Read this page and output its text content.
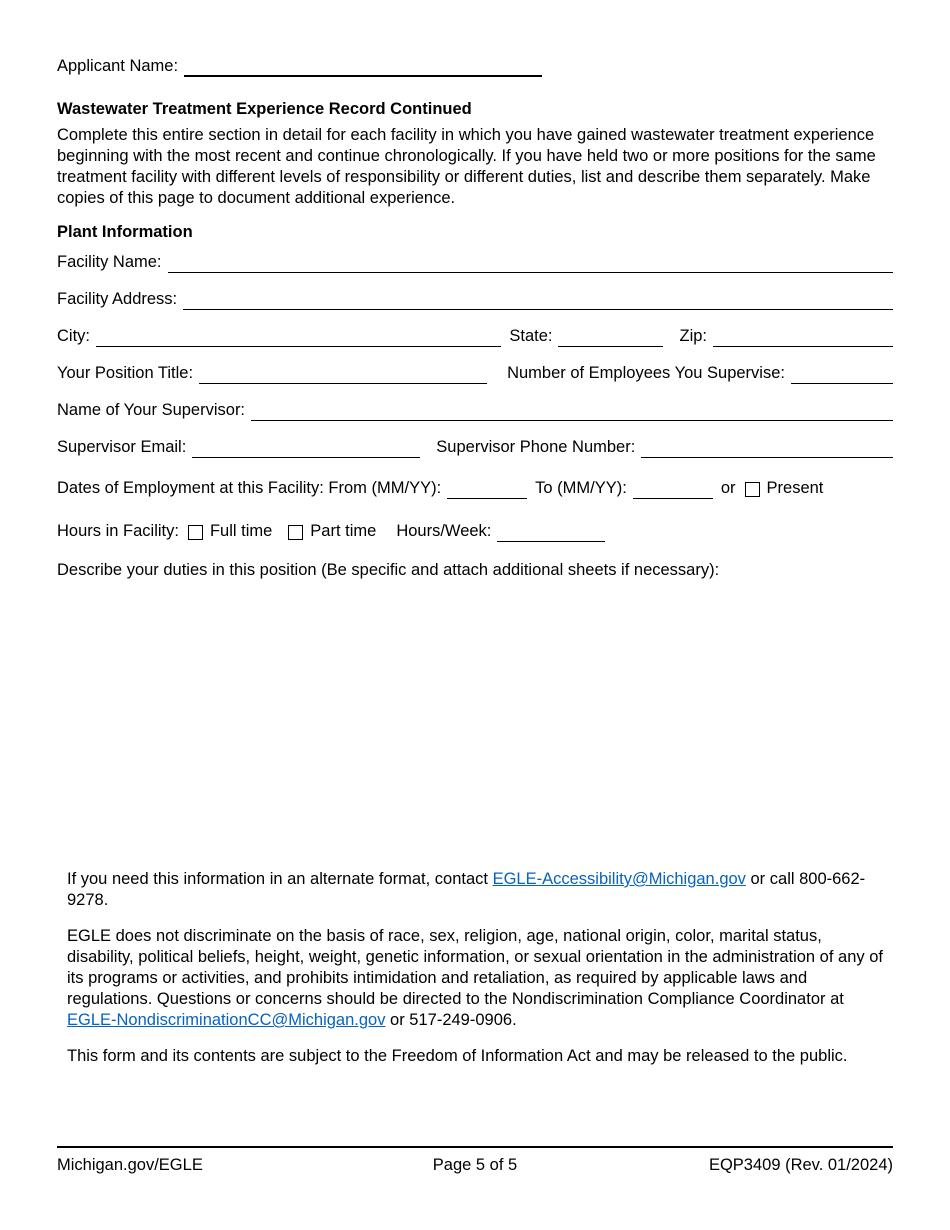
Applicant Name:
Wastewater Treatment Experience Record Continued

Complete this entire section in detail for each facility in which you have gained wastewater treatment experience beginning with the most recent and continue chronologically. If you have held two or more positions for the same treatment facility with different levels of responsibility or different duties, list and describe them separately. Make copies of this page to document additional experience.

Plant Information
Facility Name:
Facility Address:
City:	State:	Zip:
Your Position Title:	Number of Employees You Supervise:
Name of Your Supervisor:
Supervisor Email:	Supervisor Phone Number:
Dates of Employment at this Facility: From (MM/YY):	To (MM/YY):	or Present
Hours in Facility: Full time Part time Hours/Week:

Describe your duties in this position (Be specific and attach additional sheets if necessary):

If you need this information in an alternate format, contact EGLE-Accessibility@Michigan.gov or call 800-662-9278.

EGLE does not discriminate on the basis of race, sex, religion, age, national origin, color, marital status, disability, political beliefs, height, weight, genetic information, or sexual orientation in the administration of any of its programs or activities, and prohibits intimidation and retaliation, as required by applicable laws and regulations. Questions or concerns should be directed to the Nondiscrimination Compliance Coordinator at EGLE-NondiscriminationCC@Michigan.gov or 517-249-0906.

This form and its contents are subject to the Freedom of Information Act and may be released to the public.

Michigan.gov/EGLE	Page 5 of 5	EQP3409 (Rev. 01/2024)
